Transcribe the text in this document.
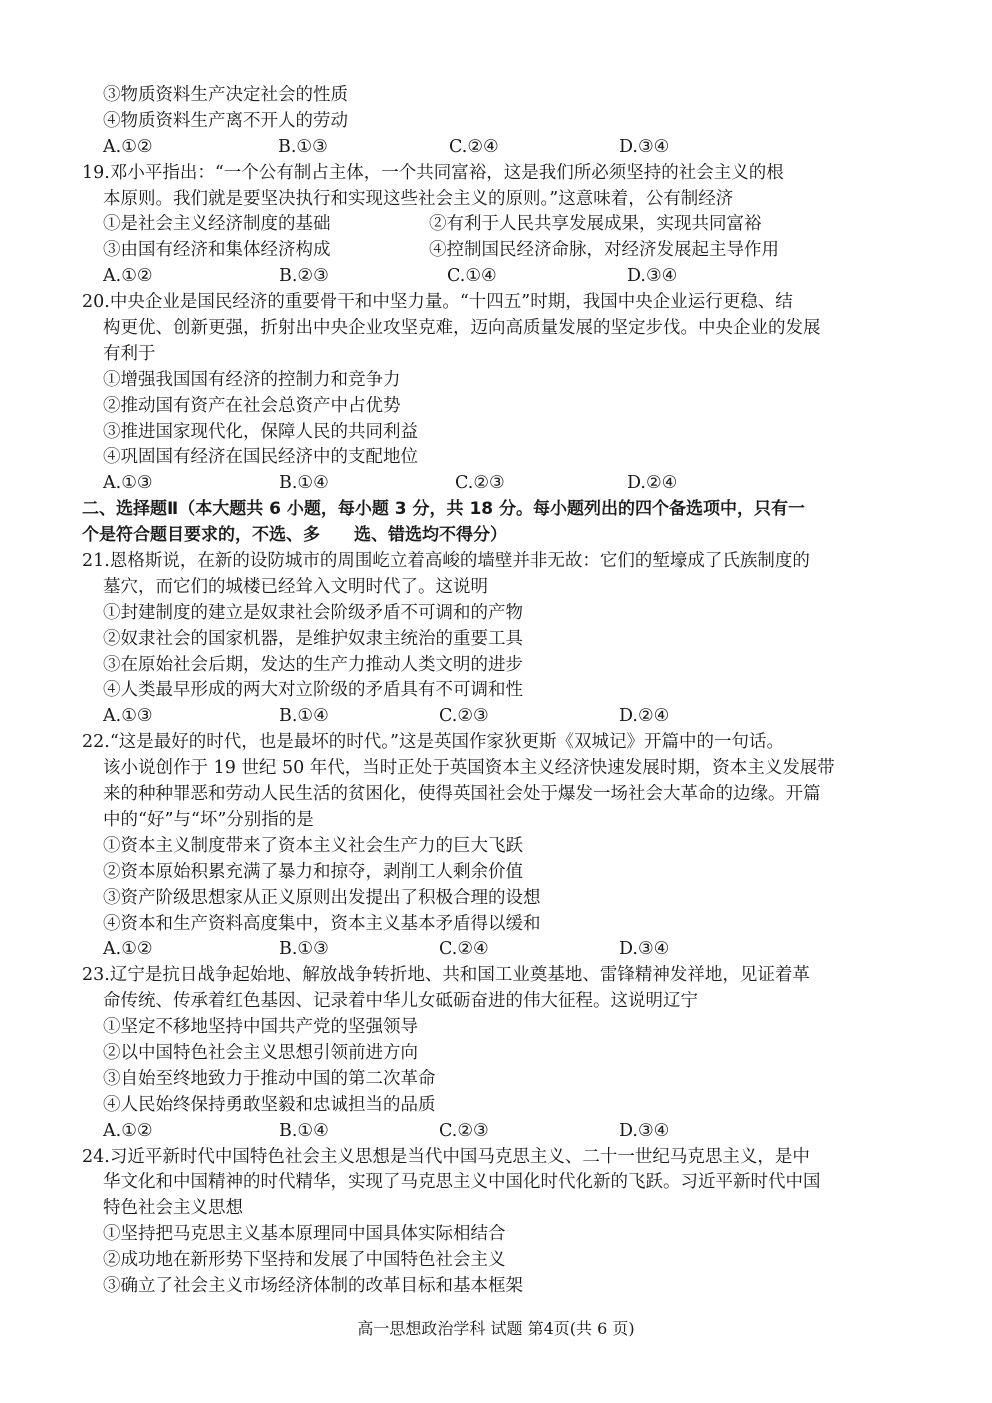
③物质资料生产决定社会的性质
④物质资料生产离不开人的劳动
A.①②	B.①③	C.②④	D.③④
19.邓小平指出：“一个公有制占主体，一个共同富裕，这是我们所必须坚持的社会主义的根
本原则。我们就是要坚决执行和实现这些社会主义的原则。”这意味着，公有制经济
①是社会主义经济制度的基础	②有利于人民共享发展成果，实现共同富裕
③由国有经济和集体经济构成	④控制国民经济命脉，对经济发展起主导作用
A.①②	B.②③	C.①④	D.③④
20.中央企业是国民经济的重要骨干和中坚力量。“十四五”时期，我国中央企业运行更稳、结
构更优、创新更强，折射出中央企业攻坚克难，迈向高质量发展的坚定步伐。中央企业的发展
有利于
①增强我国国有经济的控制力和竞争力
②推动国有资产在社会总资产中占优势
③推进国家现代化，保障人民的共同利益
④巩固国有经济在国民经济中的支配地位
A.①③	B.①④	C.②③	D.②④
二、选择题Ⅱ（本大题共 6 小题，每小题 3 分，共 18 分。每小题列出的四个备选项中，只有一
个是符合题目要求的，不选、多　　选、错选均不得分）
21.恩格斯说，在新的设防城市的周围屹立着高峻的墙壁并非无故：它们的堑壕成了氏族制度的
墓穴，而它们的城楼已经耸入文明时代了。这说明
①封建制度的建立是奴隶社会阶级矛盾不可调和的产物
②奴隶社会的国家机器，是维护奴隶主统治的重要工具
③在原始社会后期，发达的生产力推动人类文明的进步
④人类最早形成的两大对立阶级的矛盾具有不可调和性
A.①③	B.①④	C.②③	D.②④
22.“这是最好的时代，也是最坏的时代。”这是英国作家狄更斯《双城记》开篇中的一句话。
该小说创作于 19 世纪 50 年代，当时正处于英国资本主义经济快速发展时期，资本主义发展带
来的种种罪恶和劳动人民生活的贫困化，使得英国社会处于爆发一场社会大革命的边缘。开篇
中的“好”与“坏”分别指的是
①资本主义制度带来了资本主义社会生产力的巨大飞跃
②资本原始积累充满了暴力和掠夺，剥削工人剩余价值
③资产阶级思想家从正义原则出发提出了积极合理的设想
④资本和生产资料高度集中，资本主义基本矛盾得以缓和
A.①②	B.①③	C.②④	D.③④
23.辽宁是抗日战争起始地、解放战争转折地、共和国工业奠基地、雷锋精神发祥地，见证着革
命传统、传承着红色基因、记录着中华儿女砥砺奋进的伟大征程。这说明辽宁
①坚定不移地坚持中国共产党的坚强领导
②以中国特色社会主义思想引领前进方向
③自始至终地致力于推动中国的第二次革命
④人民始终保持勇敢坚毅和忠诚担当的品质
A.①②	B.①④	C.②③	D.③④
24.习近平新时代中国特色社会主义思想是当代中国马克思主义、二十一世纪马克思主义，是中
华文化和中国精神的时代精华，实现了马克思主义中国化时代化新的飞跃。习近平新时代中国
特色社会主义思想
①坚持把马克思主义基本原理同中国具体实际相结合
②成功地在新形势下坚持和发展了中国特色社会主义
③确立了社会主义市场经济体制的改革目标和基本框架
高一思想政治学科 试题 第4页(共 6 页)
